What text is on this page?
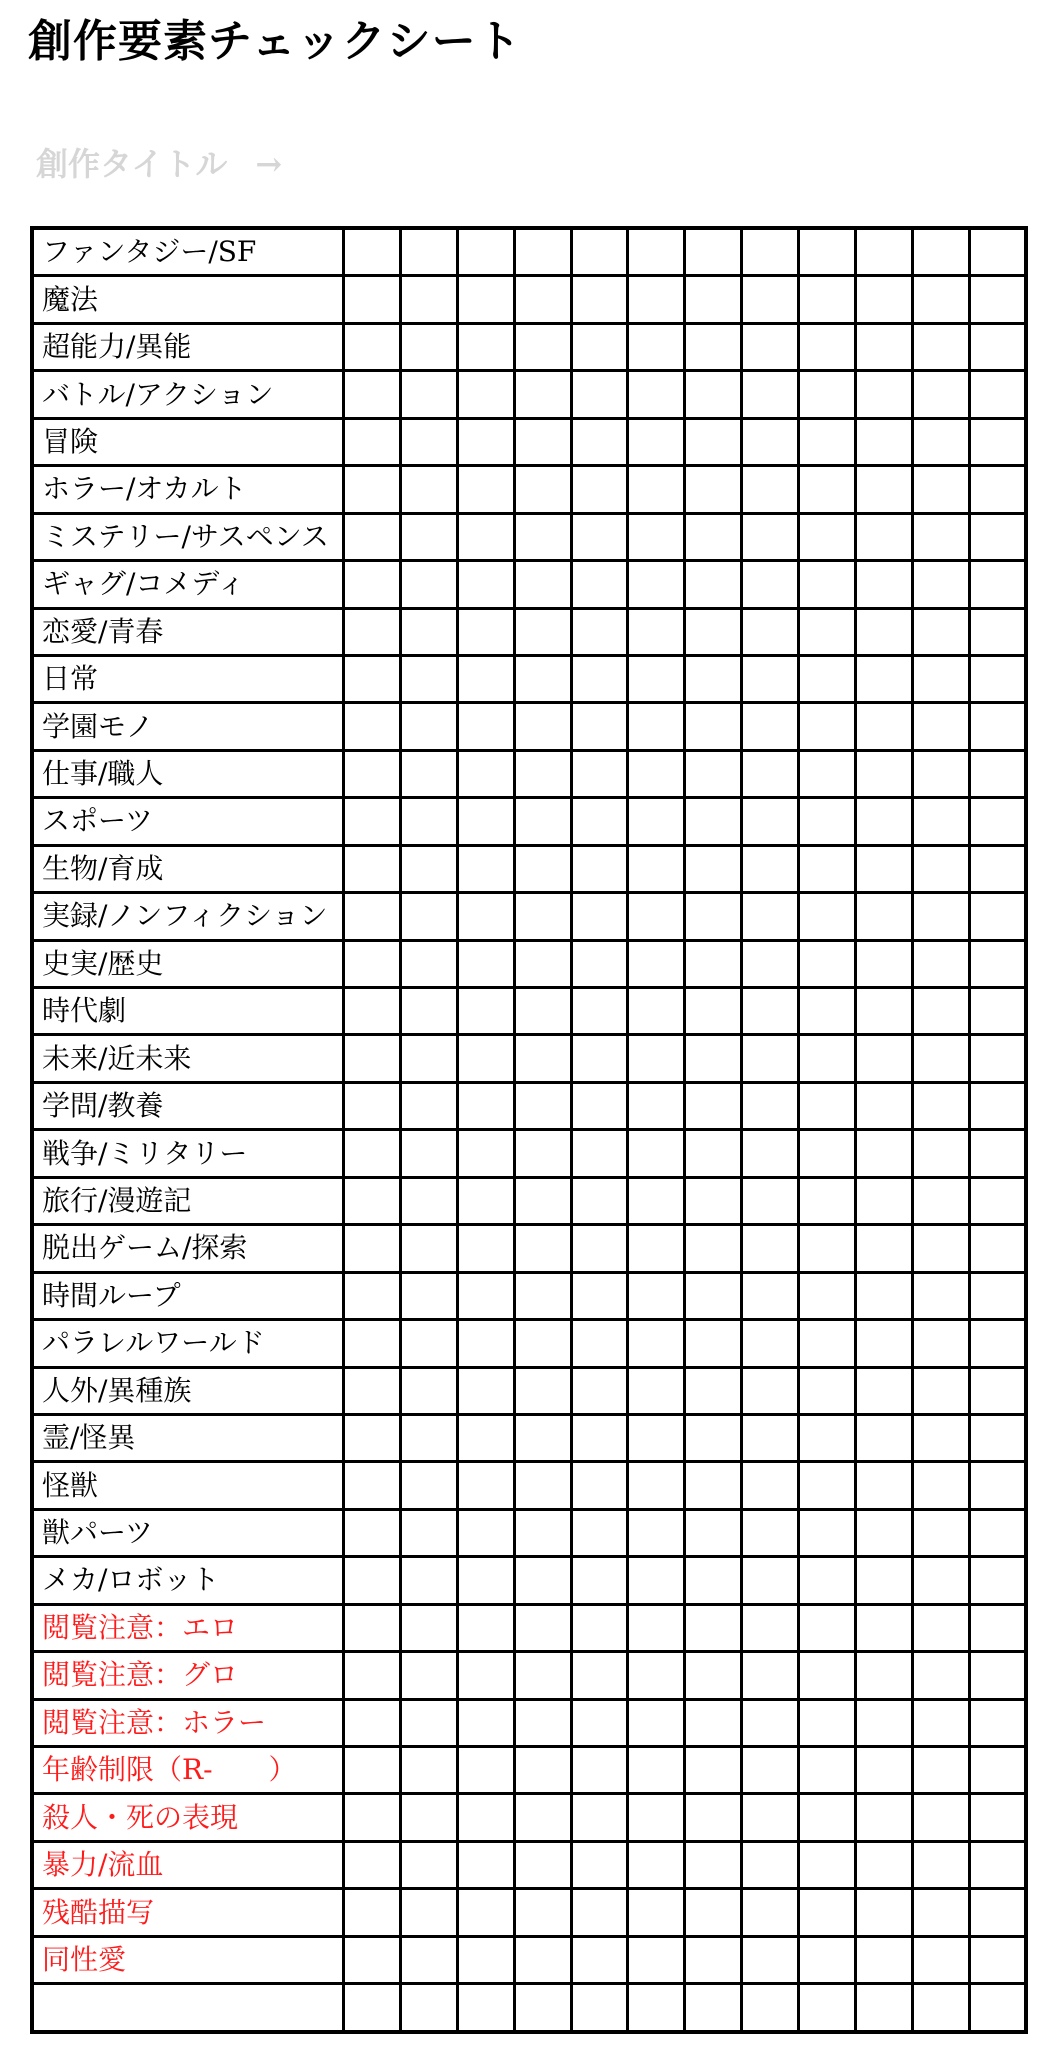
創作要素チェックシート
創作タイトル →
ファンタジー/SF												
魔法												
超能力/異能												
バトル/アクション												
冒険												
ホラー/オカルト												
ミステリー/サスペンス												
ギャグ/コメディ												
恋愛/青春												
日常												
学園モノ												
仕事/職人												
スポーツ												
生物/育成												
実録/ノンフィクション												
史実/歴史												
時代劇												
未来/近未来												
学問/教養												
戦争/ミリタリー												
旅行/漫遊記												
脱出ゲーム/探索												
時間ループ												
パラレルワールド												
人外/異種族												
霊/怪異												
怪獣												
獣パーツ												
メカ/ロボット												
閲覧注意：エロ												
閲覧注意：グロ												
閲覧注意：ホラー												
年齢制限（R-　　）												
殺人・死の表現												
暴力/流血												
残酷描写												
同性愛												
